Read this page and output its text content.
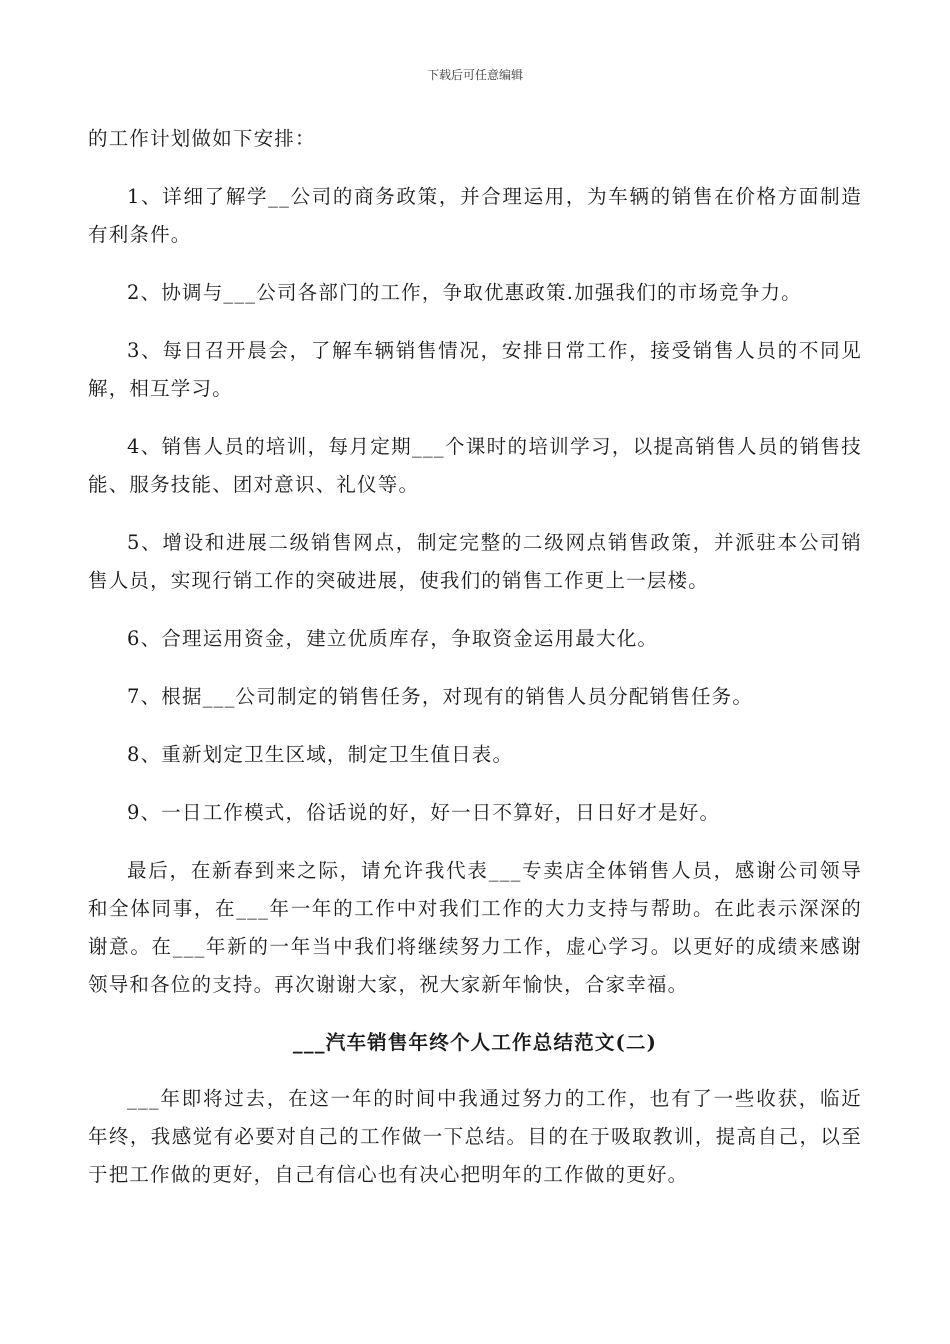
下载后可任意编辑

的工作计划做如下安排：

1、详细了解学__公司的商务政策，并合理运用，为车辆的销售在价格方面制造有利条件。

2、协调与___公司各部门的工作，争取优惠政策.加强我们的市场竞争力。

3、每日召开晨会，了解车辆销售情况，安排日常工作，接受销售人员的不同见解，相互学习。

4、销售人员的培训，每月定期___个课时的培训学习，以提高销售人员的销售技能、服务技能、团对意识、礼仪等。

5、增设和进展二级销售网点，制定完整的二级网点销售政策，并派驻本公司销售人员，实现行销工作的突破进展，使我们的销售工作更上一层楼。

6、合理运用资金，建立优质库存，争取资金运用最大化。

7、根据___公司制定的销售任务，对现有的销售人员分配销售任务。

8、重新划定卫生区域，制定卫生值日表。

9、一日工作模式，俗话说的好，好一日不算好，日日好才是好。

最后，在新春到来之际，请允许我代表___专卖店全体销售人员，感谢公司领导和全体同事，在___年一年的工作中对我们工作的大力支持与帮助。在此表示深深的谢意。在___年新的一年当中我们将继续努力工作，虚心学习。以更好的成绩来感谢领导和各位的支持。再次谢谢大家，祝大家新年愉快，合家幸福。

___汽车销售年终个人工作总结范文(二)

___年即将过去，在这一年的时间中我通过努力的工作，也有了一些收获，临近年终，我感觉有必要对自己的工作做一下总结。目的在于吸取教训，提高自己，以至于把工作做的更好，自己有信心也有决心把明年的工作做的更好。
